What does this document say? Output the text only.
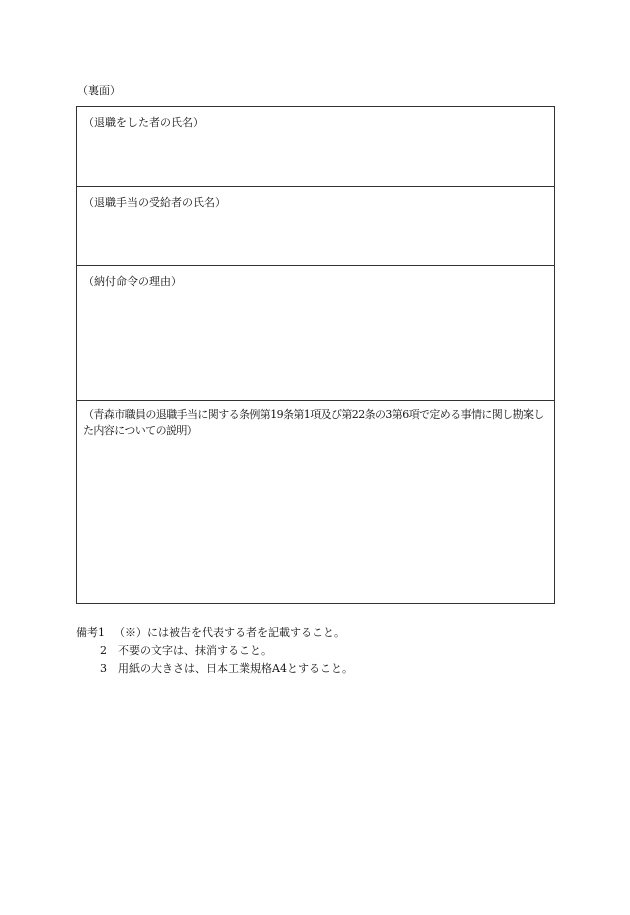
（裏面）
（退職をした者の氏名）
（退職手当の受給者の氏名）
（納付命令の理由）
（青森市職員の退職手当に関する条例第19条第1項及び第22条の3第6項で定める事情に関し勘案した内容についての説明）
備考1 （※）には被告を代表する者を記載すること。
2	不要の文字は、抹消すること。
3	用紙の大きさは、日本工業規格A4とすること。
